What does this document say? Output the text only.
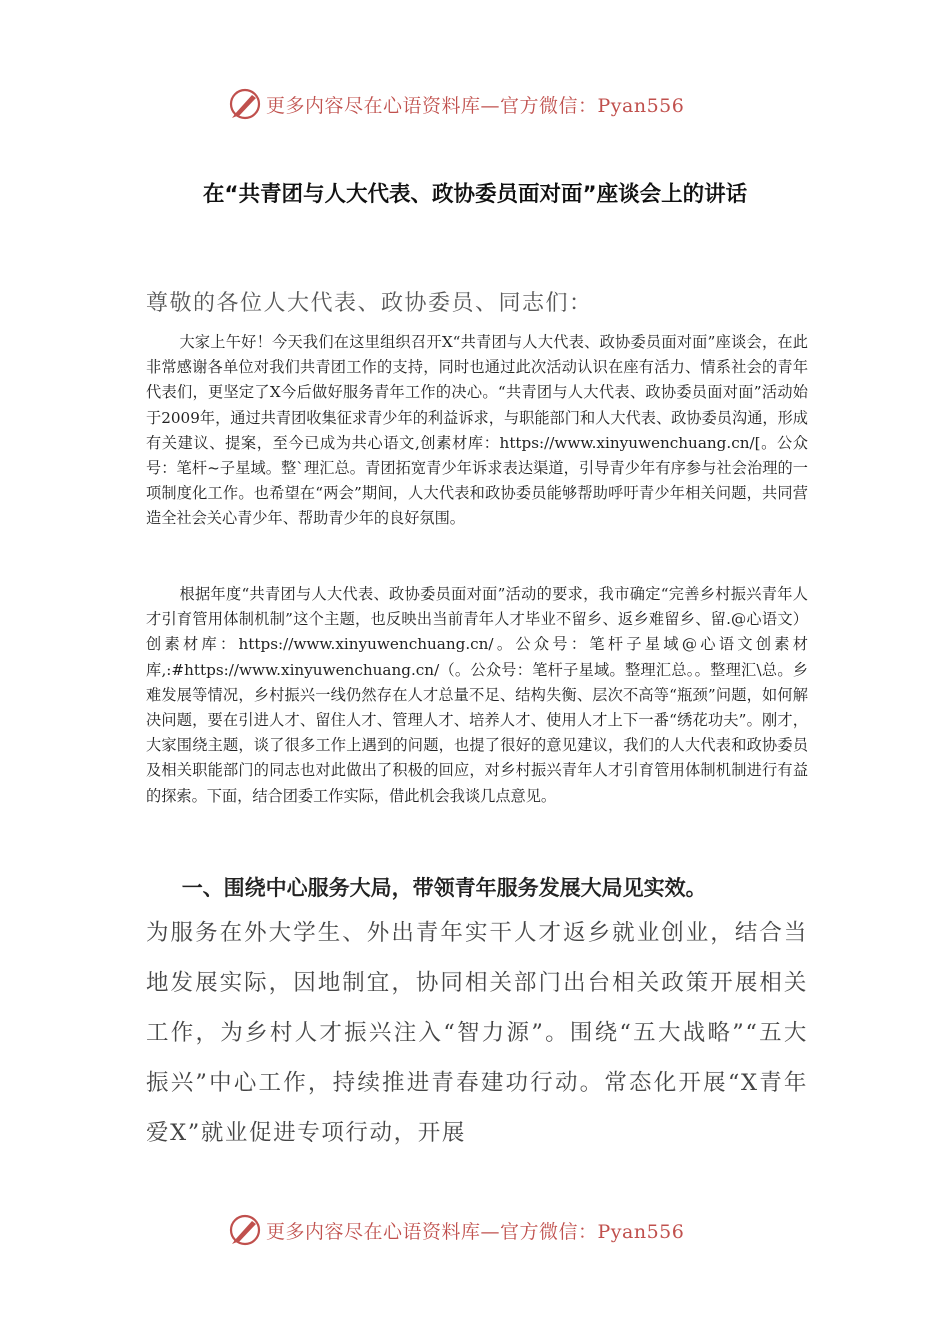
更多内容尽在心语资料库—官方微信：Pyan556
在“共青团与人大代表、政协委员面对面”座谈会上的讲话
尊敬的各位人大代表、政协委员、同志们：
大家上午好！今天我们在这里组织召开X“共青团与人大代表、政协委员面对面”座谈会，在此非常感谢各单位对我们共青团工作的支持，同时也通过此次活动认识在座有活力、情系社会的青年代表们，更坚定了X今后做好服务青年工作的决心。“共青团与人大代表、政协委员面对面”活动始于2009年，通过共青团收集征求青少年的利益诉求，与职能部门和人大代表、政协委员沟通，形成有关建议、提案，至今已成为共心语文,创素材库：https://www.xinyuwenchuang.cn/[。公众号：笔杆~子星域。整`理汇总。青团拓宽青少年诉求表达渠道，引导青少年有序参与社会治理的一项制度化工作。也希望在“两会”期间，人大代表和政协委员能够帮助呼吁青少年相关问题，共同营造全社会关心青少年、帮助青少年的良好氛围。
根据年度“共青团与人大代表、政协委员面对面”活动的要求，我市确定“完善乡村振兴青年人才引育管用体制机制”这个主题，也反映出当前青年人才毕业不留乡、返乡难留乡、留.@心语文）创素材库：https://www.xinyuwenchuang.cn/。公众号：笔杆子星域@心语文创素材库,:#https://www.xinyuwenchuang.cn/（。公众号：笔杆子星域。整理汇总。。整理汇\总。乡难发展等情况，乡村振兴一线仍然存在人才总量不足、结构失衡、层次不高等“瓶颈”问题，如何解决问题，要在引进人才、留住人才、管理人才、培养人才、使用人才上下一番“绣花功夫”。刚才，大家围绕主题，谈了很多工作上遇到的问题，也提了很好的意见建议，我们的人大代表和政协委员及相关职能部门的同志也对此做出了积极的回应，对乡村振兴青年人才引育管用体制机制进行有益的探索。下面，结合团委工作实际，借此机会我谈几点意见。
一、围绕中心服务大局，带领青年服务发展大局见实效。
为服务在外大学生、外出青年实干人才返乡就业创业，结合当地发展实际，因地制宜，协同相关部门出台相关政策开展相关工作，为乡村人才振兴注入“智力源”。围绕“五大战略”“五大振兴”中心工作，持续推进青春建功行动。常态化开展“X青年爱X”就业促进专项行动，开展
更多内容尽在心语资料库—官方微信：Pyan556
